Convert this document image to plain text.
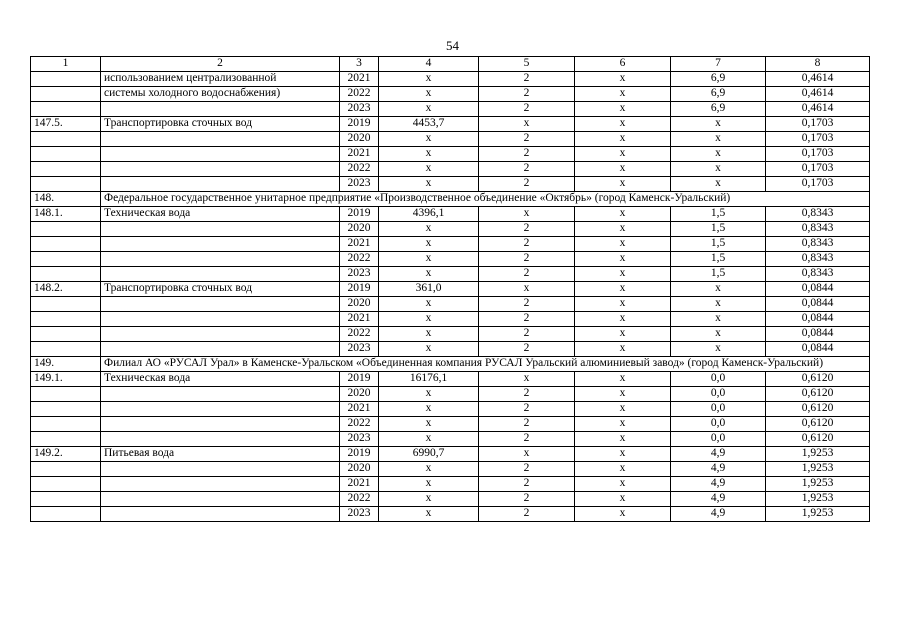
54
1	2	3	4	5	6	7	8
	использованием централизованной	2021	х	2	х	6,9	0,4614
	системы холодного водоснабжения)	2022	х	2	х	6,9	0,4614
		2023	х	2	х	6,9	0,4614
147.5.	Транспортировка сточных вод	2019	4453,7	х	х	х	0,1703
		2020	х	2	х	х	0,1703
		2021	х	2	х	х	0,1703
		2022	х	2	х	х	0,1703
		2023	х	2	х	х	0,1703
148.	Федеральное государственное унитарное предприятие «Производственное объединение «Октябрь» (город Каменск-Уральский)						
148.1.	Техническая вода	2019	4396,1	х	х	1,5	0,8343
		2020	х	2	х	1,5	0,8343
		2021	х	2	х	1,5	0,8343
		2022	х	2	х	1,5	0,8343
		2023	х	2	х	1,5	0,8343
148.2.	Транспортировка сточных вод	2019	361,0	х	х	х	0,0844
		2020	х	2	х	х	0,0844
		2021	х	2	х	х	0,0844
		2022	х	2	х	х	0,0844
		2023	х	2	х	х	0,0844
149.	Филиал АО «РУСАЛ Урал» в Каменске-Уральском «Объединенная компания РУСАЛ Уральский алюминиевый завод» (город Каменск-Уральский)						
149.1.	Техническая вода	2019	16176,1	х	х	0,0	0,6120
		2020	х	2	х	0,0	0,6120
		2021	х	2	х	0,0	0,6120
		2022	х	2	х	0,0	0,6120
		2023	х	2	х	0,0	0,6120
149.2.	Питьевая вода	2019	6990,7	х	х	4,9	1,9253
		2020	х	2	х	4,9	1,9253
		2021	х	2	х	4,9	1,9253
		2022	х	2	х	4,9	1,9253
		2023	х	2	х	4,9	1,9253
